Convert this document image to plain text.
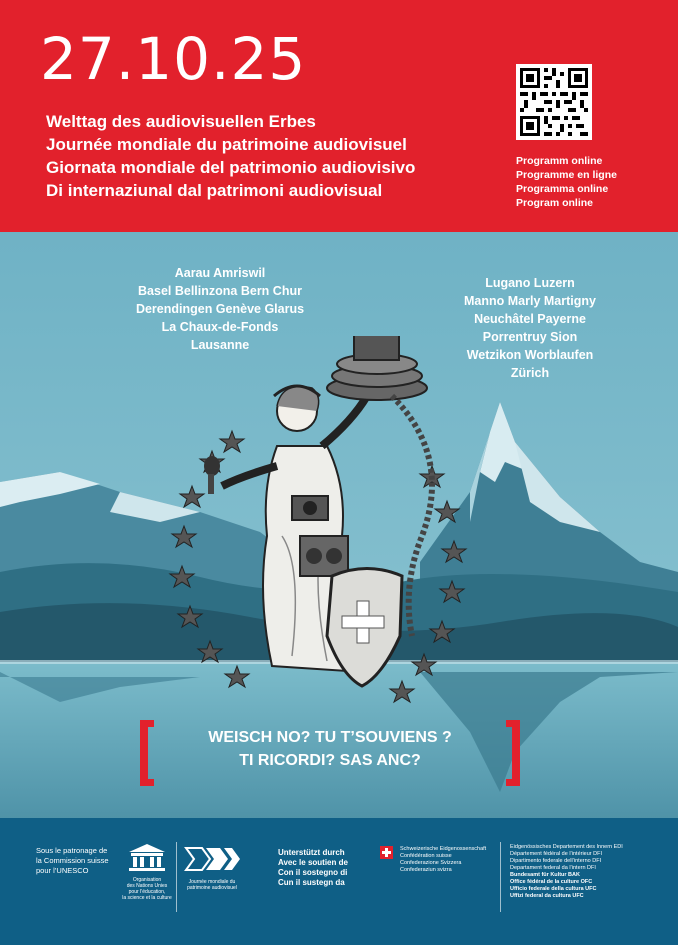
27.10.25
Welttag des audiovisuellen Erbes
Journée mondiale du patrimoine audiovisuel
Giornata mondiale del patrimonio audiovisivo
Di internaziunal dal patrimoni audiovisual
Programm online
Programme en ligne
Programma online
Program online
Aarau Amriswil
Basel Bellinzona Bern Chur
Derendingen Genève Glarus
La Chaux-de-Fonds
Lausanne
Lugano Luzern
Manno Marly Martigny
Neuchâtel Payerne
Porrentruy Sion
Wetzikon Worblaufen
Zürich
WEISCH NO? TU T’SOUVIENS ?
TI RICORDI? SAS ANC?
Sous le patronage de
la Commission suisse
pour l’UNESCO
Organisation
des Nations Unies
pour l’éducation,
la science et la culture
Journée mondiale du
patrimoine audiovisuel
Unterstützt durch
Avec le soutien de
Con il sostegno di
Cun il sustegn da
Schweizerische Eidgenossenschaft
Confédération suisse
Confederazione Svizzera
Confederaziun svizra
Eidgenössisches Departement des Innern EDI
Département fédéral de l’intérieur DFI
Dipartimento federale dell’interno DFI
Departament federal da l’intern DFI
Bundesamt für Kultur BAK
Office fédéral de la culture OFC
Ufficio federale della cultura UFC
Uffizi federal da cultura UFC
